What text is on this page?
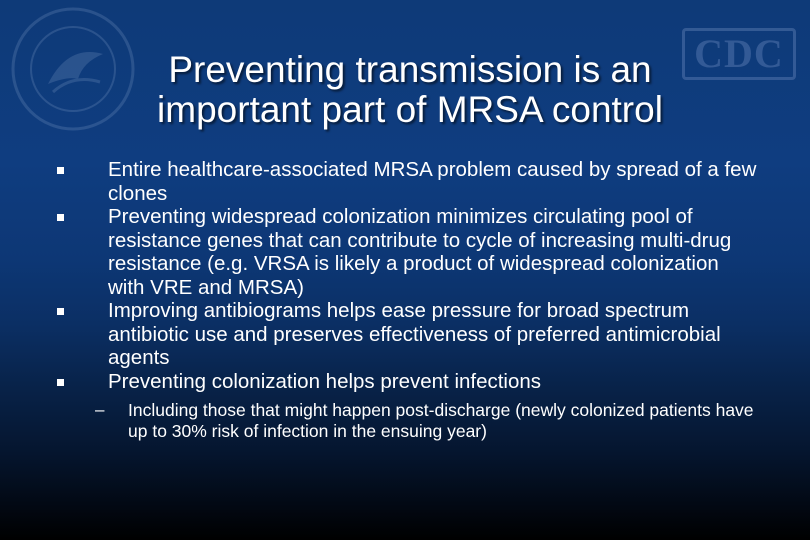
CDC
Preventing transmission is an
important part of MRSA control
Entire healthcare-associated MRSA problem caused by spread of a few clones
Preventing widespread colonization minimizes circulating pool of resistance genes that can contribute to cycle of increasing multi-drug resistance (e.g. VRSA is likely a product of widespread colonization with VRE and MRSA)
Improving antibiograms helps ease pressure for broad spectrum antibiotic use and preserves effectiveness of preferred antimicrobial agents
Preventing colonization helps prevent infections
– Including those that might happen post-discharge (newly colonized patients have up to 30% risk of infection in the ensuing year)
